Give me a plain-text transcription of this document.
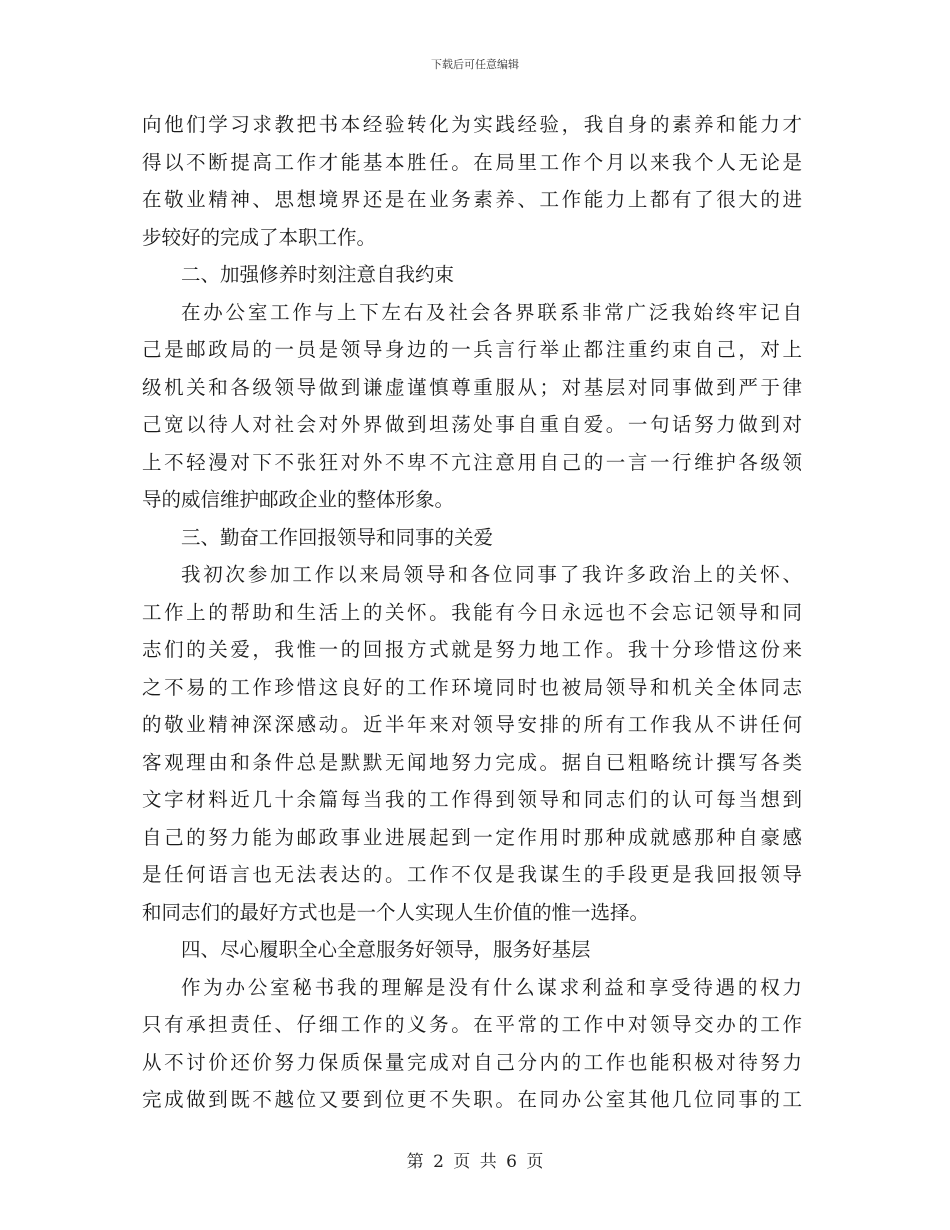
下载后可任意编辑
向他们学习求教把书本经验转化为实践经验，我自身的素养和能力才
得以不断提高工作才能基本胜任。在局里工作个月以来我个人无论是
在敬业精神、思想境界还是在业务素养、工作能力上都有了很大的进
步较好的完成了本职工作。
二、加强修养时刻注意自我约束
在办公室工作与上下左右及社会各界联系非常广泛我始终牢记自
己是邮政局的一员是领导身边的一兵言行举止都注重约束自己，对上
级机关和各级领导做到谦虚谨慎尊重服从；对基层对同事做到严于律
己宽以待人对社会对外界做到坦荡处事自重自爱。一句话努力做到对
上不轻漫对下不张狂对外不卑不亢注意用自己的一言一行维护各级领
导的威信维护邮政企业的整体形象。
三、勤奋工作回报领导和同事的关爱
我初次参加工作以来局领导和各位同事了我许多政治上的关怀、
工作上的帮助和生活上的关怀。我能有今日永远也不会忘记领导和同
志们的关爱，我惟一的回报方式就是努力地工作。我十分珍惜这份来
之不易的工作珍惜这良好的工作环境同时也被局领导和机关全体同志
的敬业精神深深感动。近半年来对领导安排的所有工作我从不讲任何
客观理由和条件总是默默无闻地努力完成。据自已粗略统计撰写各类
文字材料近几十余篇每当我的工作得到领导和同志们的认可每当想到
自己的努力能为邮政事业进展起到一定作用时那种成就感那种自豪感
是任何语言也无法表达的。工作不仅是我谋生的手段更是我回报领导
和同志们的最好方式也是一个人实现人生价值的惟一选择。
四、尽心履职全心全意服务好领导，服务好基层
作为办公室秘书我的理解是没有什么谋求利益和享受待遇的权力
只有承担责任、仔细工作的义务。在平常的工作中对领导交办的工作
从不讨价还价努力保质保量完成对自己分内的工作也能积极对待努力
完成做到既不越位又要到位更不失职。在同办公室其他几位同事的工
第 2 页 共 6 页
